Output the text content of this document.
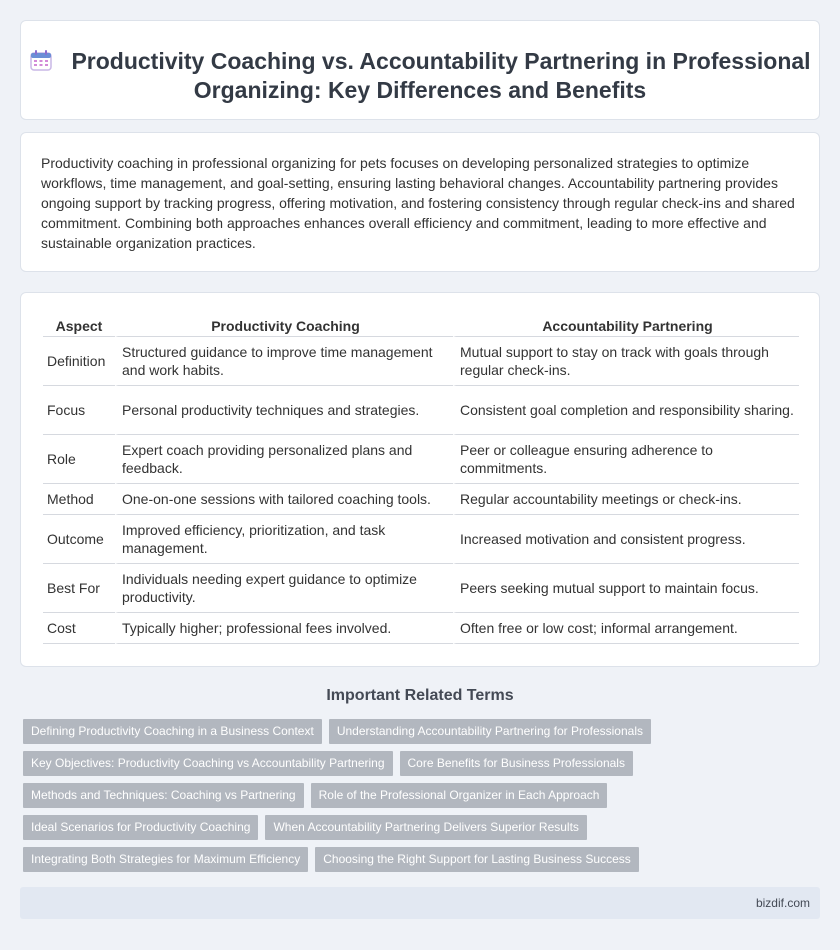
Productivity Coaching vs. Accountability Partnering in Professional Organizing: Key Differences and Benefits

Productivity coaching in professional organizing for pets focuses on developing personalized strategies to optimize workflows, time management, and goal-setting, ensuring lasting behavioral changes. Accountability partnering provides ongoing support by tracking progress, offering motivation, and fostering consistency through regular check-ins and shared commitment. Combining both approaches enhances overall efficiency and commitment, leading to more effective and sustainable organization practices.

Aspect	Productivity Coaching	Accountability Partnering
Definition	Structured guidance to improve time management and work habits.	Mutual support to stay on track with goals through regular check-ins.
Focus	Personal productivity techniques and strategies.	Consistent goal completion and responsibility sharing.
Role	Expert coach providing personalized plans and feedback.	Peer or colleague ensuring adherence to commitments.
Method	One-on-one sessions with tailored coaching tools.	Regular accountability meetings or check-ins.
Outcome	Improved efficiency, prioritization, and task management.	Increased motivation and consistent progress.
Best For	Individuals needing expert guidance to optimize productivity.	Peers seeking mutual support to maintain focus.
Cost	Typically higher; professional fees involved.	Often free or low cost; informal arrangement.
Important Related Terms
Defining Productivity Coaching in a Business Context	Understanding Accountability Partnering for Professionals
Key Objectives: Productivity Coaching vs Accountability Partnering	Core Benefits for Business Professionals
Methods and Techniques: Coaching vs Partnering	Role of the Professional Organizer in Each Approach
Ideal Scenarios for Productivity Coaching	When Accountability Partnering Delivers Superior Results
Integrating Both Strategies for Maximum Efficiency	Choosing the Right Support for Lasting Business Success
bizdif.com
